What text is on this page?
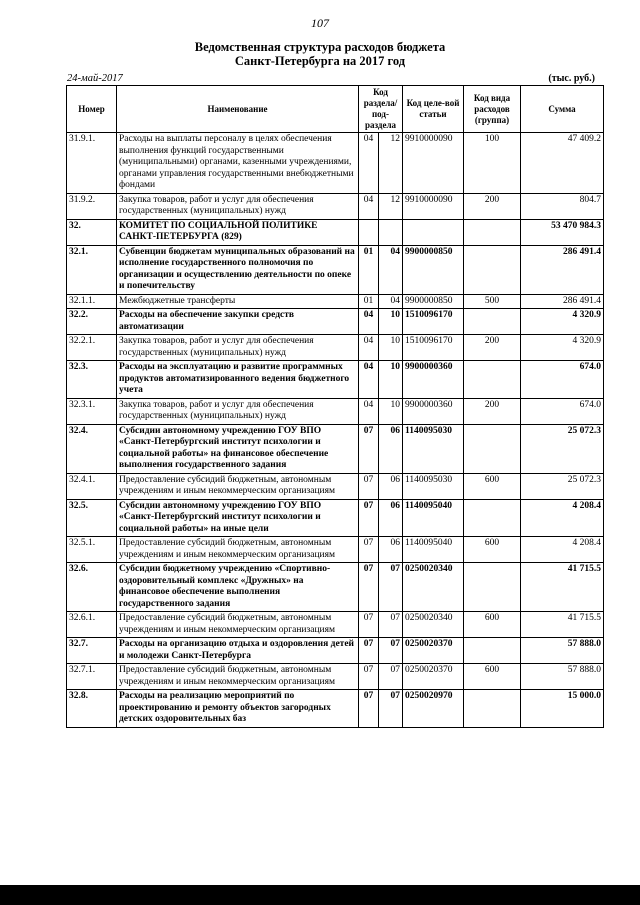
107
Ведомственная структура расходов бюджета
Санкт-Петербурга на 2017 год
24-май-2017	(тыс. руб.)
Номер	Наименование	Код раздела/ под-раздела		Код целе-вой статьи	Код вида расходов (группа)	Сумма
31.9.1.	Расходы на выплаты персоналу в целях обеспечения выполнения функций государственными (муниципальными) органами, казенными учреждениями, органами управления государственными внебюджетными фондами	04	12	9910000090	100	47 409.2
31.9.2.	Закупка товаров, работ и услуг для обеспечения государственных (муниципальных) нужд	04	12	9910000090	200	804.7
32.	КОМИТЕТ ПО СОЦИАЛЬНОЙ ПОЛИТИКЕ САНКТ-ПЕТЕРБУРГА (829)					53 470 984.3
32.1.	Субвенции бюджетам муниципальных образований на исполнение государственного полномочия по организации и осуществлению деятельности по опеке и попечительству	01	04	9900000850		286 491.4
32.1.1.	Межбюджетные трансферты	01	04	9900000850	500	286 491.4
32.2.	Расходы на обеспечение закупки средств автоматизации	04	10	1510096170		4 320.9
32.2.1.	Закупка товаров, работ и услуг для обеспечения государственных (муниципальных) нужд	04	10	1510096170	200	4 320.9
32.3.	Расходы на эксплуатацию и развитие программных продуктов автоматизированного ведения бюджетного учета	04	10	9900000360		674.0
32.3.1.	Закупка товаров, работ и услуг для обеспечения государственных (муниципальных) нужд	04	10	9900000360	200	674.0
32.4.	Субсидии автономному учреждению ГОУ ВПО «Санкт-Петербургский институт психологии и социальной работы» на финансовое обеспечение выполнения государственного задания	07	06	1140095030		25 072.3
32.4.1.	Предоставление субсидий бюджетным, автономным учреждениям и иным некоммерческим организациям	07	06	1140095030	600	25 072.3
32.5.	Субсидии автономному учреждению ГОУ ВПО «Санкт-Петербургский институт психологии и социальной работы» на иные цели	07	06	1140095040		4 208.4
32.5.1.	Предоставление субсидий бюджетным, автономным учреждениям и иным некоммерческим организациям	07	06	1140095040	600	4 208.4
32.6.	Субсидии бюджетному учреждению «Спортивно-оздоровительный комплекс «Дружных» на финансовое обеспечение выполнения государственного задания	07	07	0250020340		41 715.5
32.6.1.	Предоставление субсидий бюджетным, автономным учреждениям и иным некоммерческим организациям	07	07	0250020340	600	41 715.5
32.7.	Расходы на организацию отдыха и оздоровления детей и молодежи Санкт-Петербурга	07	07	0250020370		57 888.0
32.7.1.	Предоставление субсидий бюджетным, автономным учреждениям и иным некоммерческим организациям	07	07	0250020370	600	57 888.0
32.8.	Расходы на реализацию мероприятий по проектированию и ремонту объектов загородных детских оздоровительных баз	07	07	0250020970		15 000.0
